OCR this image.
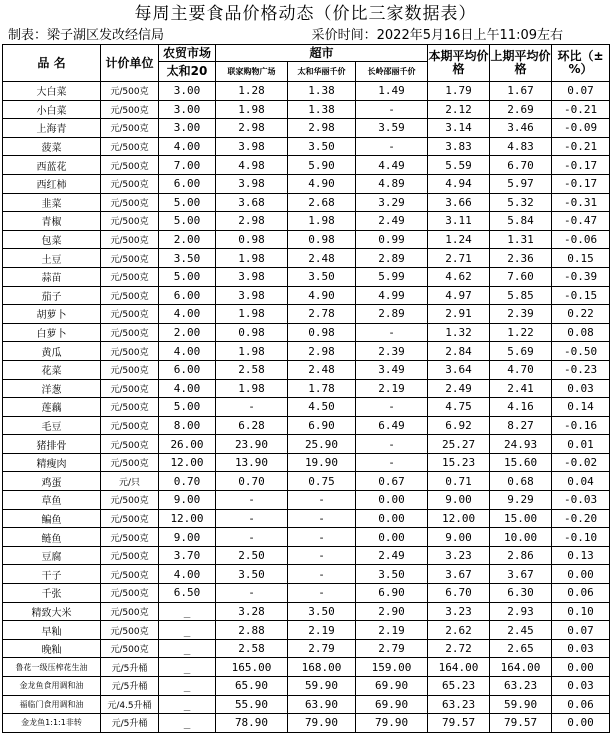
每周主要食品价格动态（价比三家数据表）
制表：梁子湖区发改经信局	采价时间：2022年5月16日上午11:09左右
品 名	计价单位	农贸市场	超市			本期平均价格	上期平均价格	环比（±%）
		太和20	联家购物广场	太和华丽千价	长岭邵丽千价			
大白菜	元/500克	3.00	1.28	1.38	1.49	1.79	1.67	0.07
小白菜	元/500克	3.00	1.98	1.38	-	2.12	2.69	-0.21
上海青	元/500克	3.00	2.98	2.98	3.59	3.14	3.46	-0.09
菠菜	元/500克	4.00	3.98	3.50	-	3.83	4.83	-0.21
西蓝花	元/500克	7.00	4.98	5.90	4.49	5.59	6.70	-0.17
西红柿	元/500克	6.00	3.98	4.90	4.89	4.94	5.97	-0.17
韭菜	元/500克	5.00	3.68	2.68	3.29	3.66	5.32	-0.31
青椒	元/500克	5.00	2.98	1.98	2.49	3.11	5.84	-0.47
包菜	元/500克	2.00	0.98	0.98	0.99	1.24	1.31	-0.06
土豆	元/500克	3.50	1.98	2.48	2.89	2.71	2.36	0.15
蒜苗	元/500克	5.00	3.98	3.50	5.99	4.62	7.60	-0.39
茄子	元/500克	6.00	3.98	4.90	4.99	4.97	5.85	-0.15
胡萝卜	元/500克	4.00	1.98	2.78	2.89	2.91	2.39	0.22
白萝卜	元/500克	2.00	0.98	0.98	-	1.32	1.22	0.08
黄瓜	元/500克	4.00	1.98	2.98	2.39	2.84	5.69	-0.50
花菜	元/500克	6.00	2.58	2.48	3.49	3.64	4.70	-0.23
洋葱	元/500克	4.00	1.98	1.78	2.19	2.49	2.41	0.03
莲藕	元/500克	5.00	-	4.50	-	4.75	4.16	0.14
毛豆	元/500克	8.00	6.28	6.90	6.49	6.92	8.27	-0.16
猪排骨	元/500克	26.00	23.90	25.90	-	25.27	24.93	0.01
精瘦肉	元/500克	12.00	13.90	19.90	-	15.23	15.60	-0.02
鸡蛋	元/只	0.70	0.70	0.75	0.67	0.71	0.68	0.04
草鱼	元/500克	9.00	-	-	0.00	9.00	9.29	-0.03
鳊鱼	元/500克	12.00	-	-	0.00	12.00	15.00	-0.20
鲢鱼	元/500克	9.00	-	-	0.00	9.00	10.00	-0.10
豆腐	元/500克	3.70	2.50	-	2.49	3.23	2.86	0.13
干子	元/500克	4.00	3.50	-	3.50	3.67	3.67	0.00
千张	元/500克	6.50	-	-	6.90	6.70	6.30	0.06
精致大米	元/500克	_	3.28	3.50	2.90	3.23	2.93	0.10
早籼	元/500克	_	2.88	2.19	2.19	2.62	2.45	0.07
晚籼	元/500克	_	2.58	2.79	2.79	2.72	2.65	0.03
鲁花一级压榨花生油	元/5升桶	_	165.00	168.00	159.00	164.00	164.00	0.00
金龙鱼食用调和油	元/5升桶	_	65.90	59.90	69.90	65.23	63.23	0.03
福临门食用调和油	元/4.5升桶	_	55.90	63.90	69.90	63.23	59.90	0.06
金龙鱼1:1:1非转	元/5升桶	_	78.90	79.90	79.90	79.57	79.57	0.00
